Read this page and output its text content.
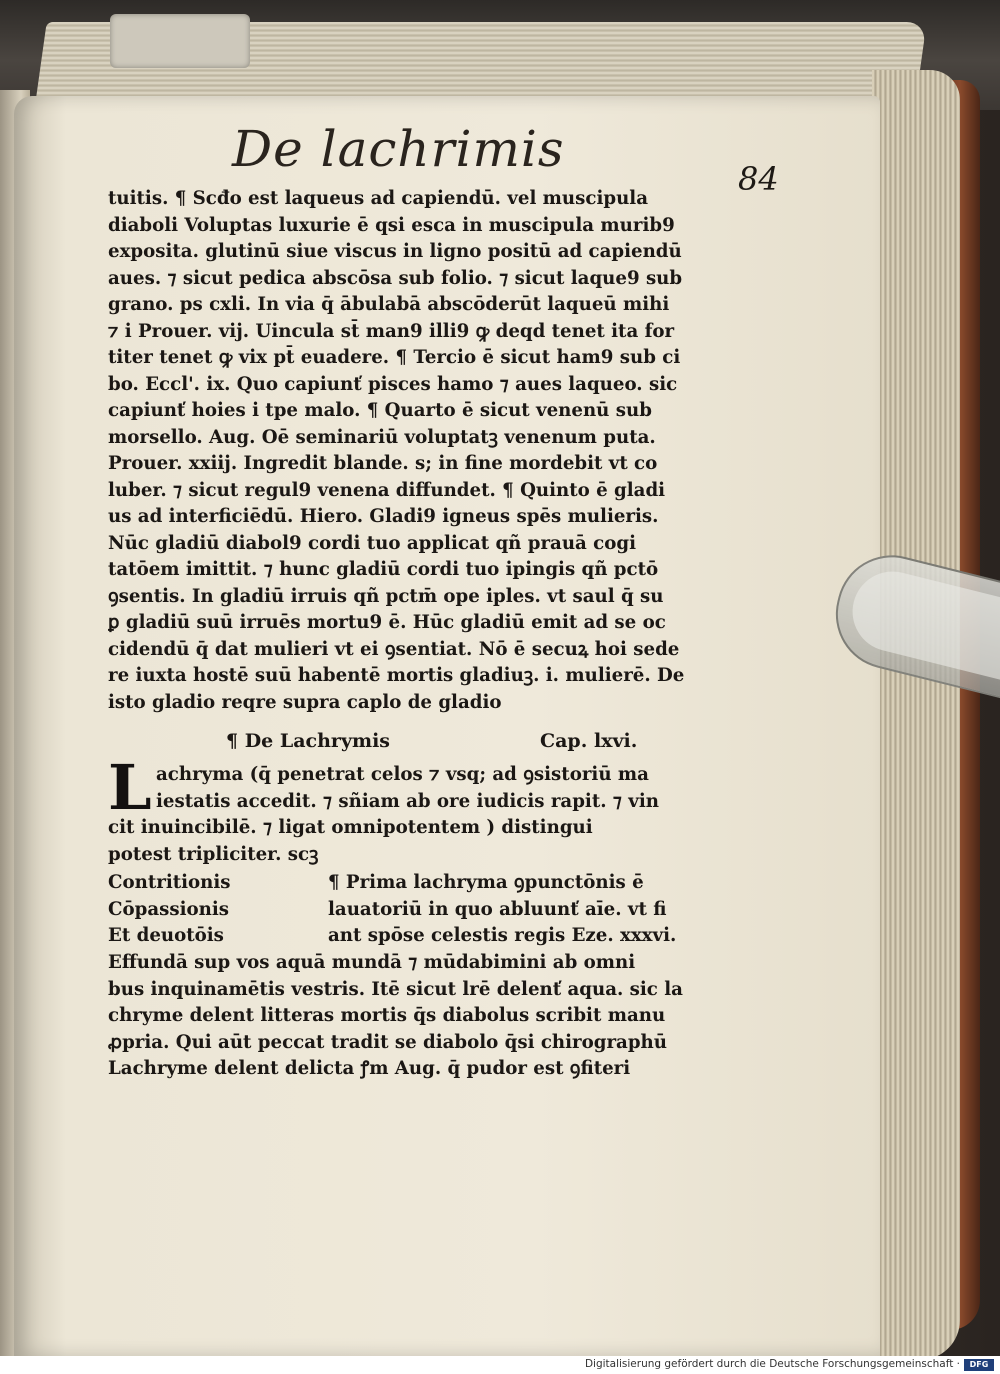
De lachrimis
84
tuitis. ¶ Scđo est laqueus ad capiendū. vel muscipula
diaboli Voluptas luxurie ē qsi esca in muscipula murib9
exposita. glutinū siue viscus in ligno positū ad capiendū
aues. ⁊ sicut pedica abscōsa sub folio. ⁊ sicut laque9 sub
grano. ps cxli. In via q̄ ābulabā abscōderūt laqueū mihi
⁊ i Prouer. vij. Uincula st̄ man9 illi9 ꝙ deqd tenet ita for
titer tenet ꝙ vix pt̄ euadere. ¶ Tercio ē sicut ham9 sub ci
bo. Eccl'. ix. Quo capiunť pisces hamo ⁊ aues laqueo. sic
capiunť hoies i tpe malo. ¶ Quarto ē sicut venenū sub
morsello. Aug. Oē seminariū voluptatꝫ venenum puta.
Prouer. xxiij. Ingredit blande. s; in fine mordebit vt co
luber. ⁊ sicut regul9 venena diffundet. ¶ Quinto ē gladi
us ad interficiēdū. Hiero. Gladi9 igneus spēs mulieris.
Nūc gladiū diabol9 cordi tuo applicat qñ prauā cogi
tatōem imittit. ⁊ hunc gladiū cordi tuo ipingis qñ pctō
ꝯsentis. In gladiū irruis qñ pctm̄ ope iples. vt saul q̄ su
ꝑ gladiū suū irruēs mortu9 ē. Hūc gladiū emit ad se oc
cidendū q̄ dat mulieri vt ei ꝯsentiat. Nō ē secuꝝ hoi sede
re iuxta hostē suū habentē mortis gladiuꝫ. i. mulierē. De
isto gladio reqre supra caplo de gladio
¶ De Lachrymis	Cap. lxvi.
L achryma (q̄ penetrat celos ⁊ vsq; ad ꝯsistoriū ma
iestatis accedit. ⁊ sñiam ab ore iudicis rapit. ⁊ vin
cit inuincibilē. ⁊ ligat omnipotentem ) distingui
potest tripliciter. scꝫ
Contritionis	¶ Prima lachryma ꝯpunctōnis ē
Cōpassionis	lauatoriū in quo abluunť aīe. vt fi
Et deuotōis	ant spōse celestis regis Eze. xxxvi.
Effundā sup vos aquā mundā ⁊ mūdabimini ab omni
bus inquinamētis vestris. Itē sicut lrē delenť aqua. sic la
chryme delent litteras mortis q̄s diabolus scribit manu
ꝓpria. Qui aūt peccat tradit se diabolo q̄si chirographū
Lachryme delent delicta ꝭm Aug. q̄ pudor est ꝯfiteri
Digitalisierung gefördert durch die Deutsche Forschungsgemeinschaft ·	DFG
